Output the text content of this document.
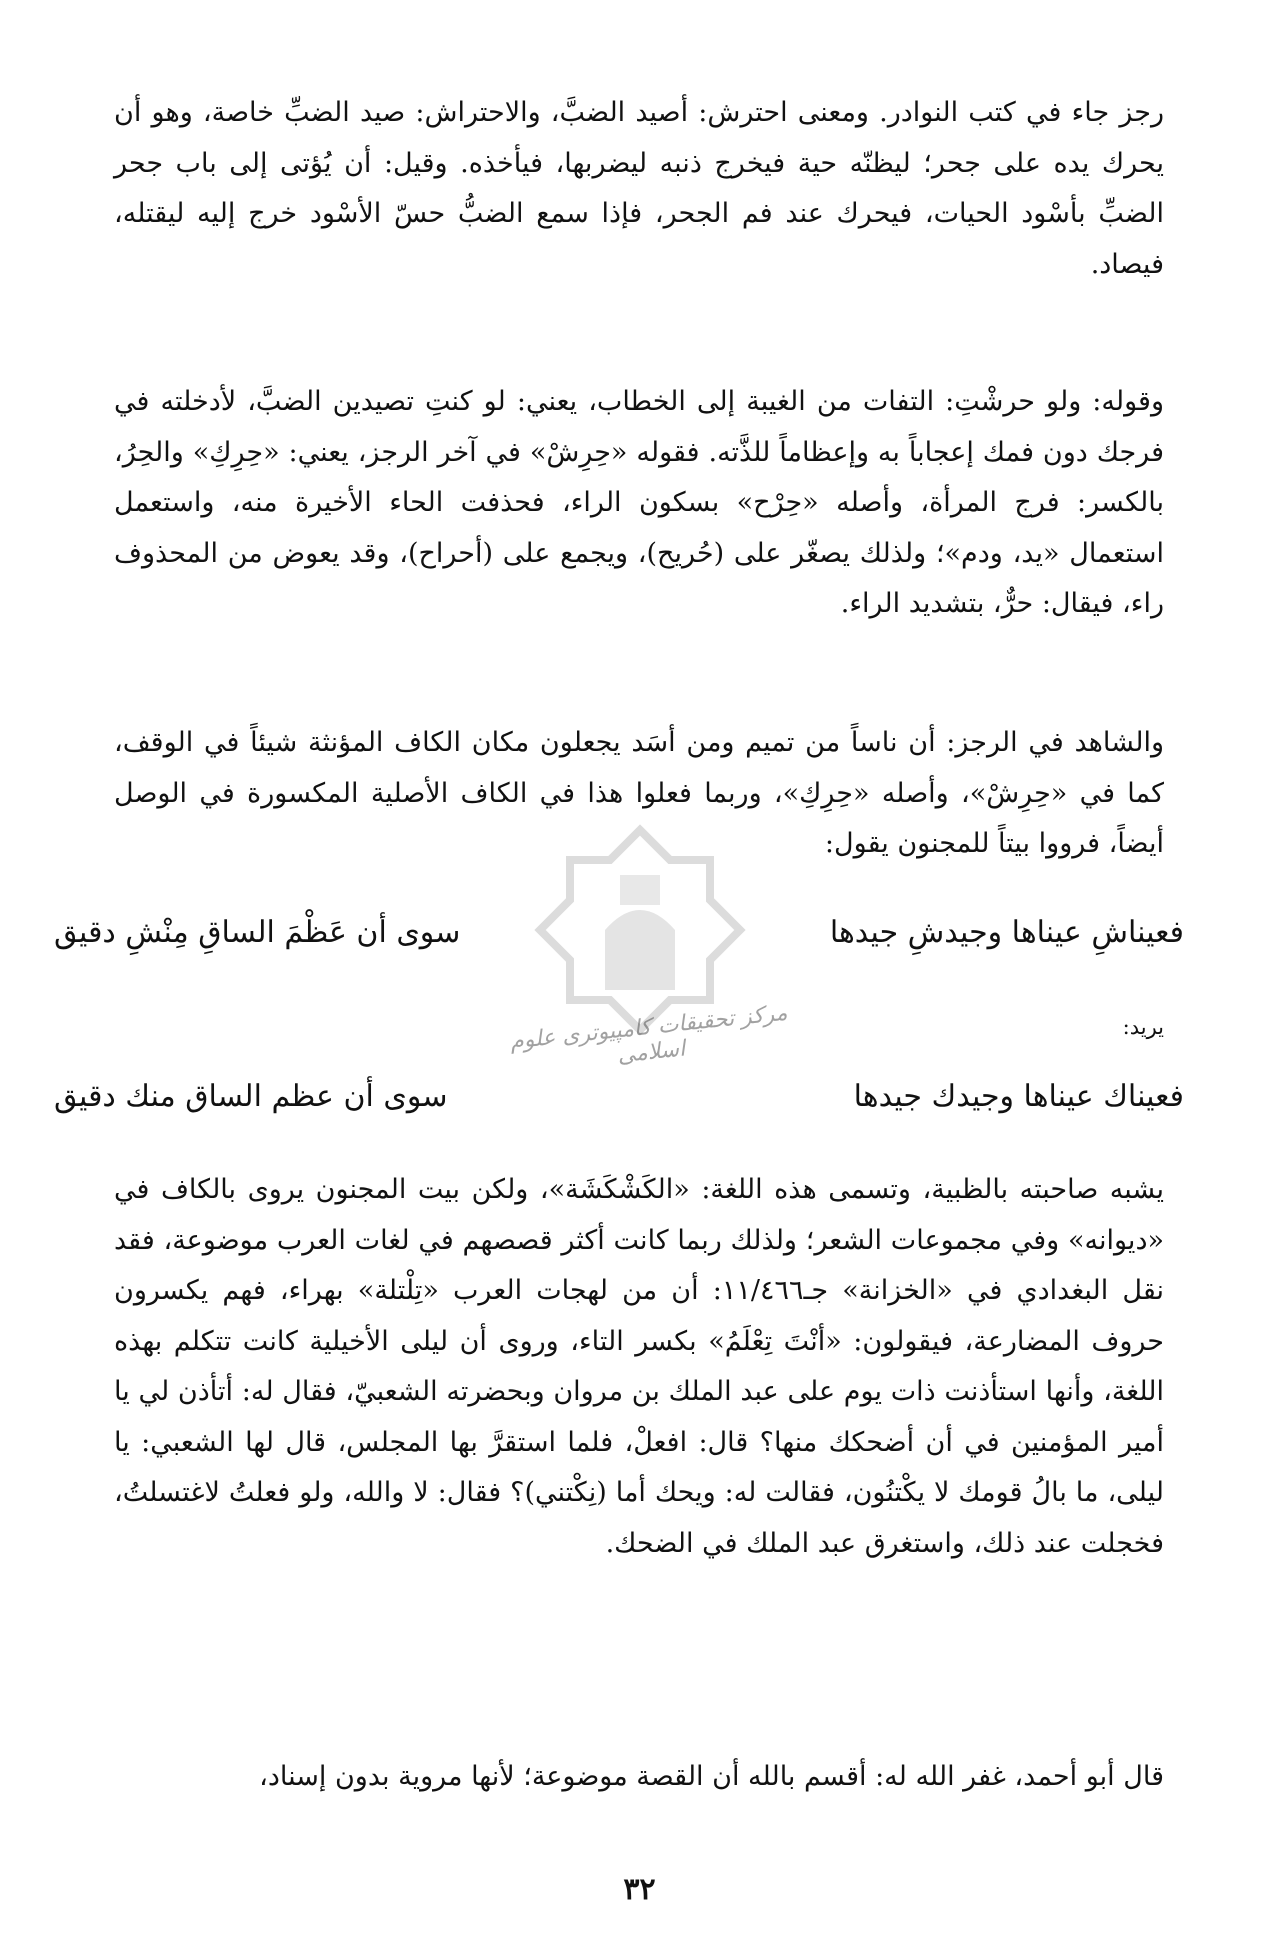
رجز جاء في كتب النوادر. ومعنى احترش: أصيد الضبَّ، والاحتراش: صيد الضبِّ خاصة، وهو أن يحرك يده على جحر؛ ليظنّه حية فيخرج ذنبه ليضربها، فيأخذه. وقيل: أن يُؤتى إلى باب جحر الضبِّ بأسْود الحيات، فيحرك عند فم الجحر، فإذا سمع الضبُّ حسّ الأسْود خرج إليه ليقتله، فيصاد.

وقوله: ولو حرشْتِ: التفات من الغيبة إلى الخطاب، يعني: لو كنتِ تصيدين الضبَّ، لأدخلته في فرجك دون فمك إعجاباً به وإعظاماً للذَّته. فقوله «حِرِشْ» في آخر الرجز، يعني: «حِرِكِ» والحِرُ، بالكسر: فرج المرأة، وأصله «حِرْح» بسكون الراء، فحذفت الحاء الأخيرة منه، واستعمل استعمال «يد، ودم»؛ ولذلك يصغّر على (حُريح)، ويجمع على (أحراح)، وقد يعوض من المحذوف راء، فيقال: حرٌّ، بتشديد الراء.

والشاهد في الرجز: أن ناساً من تميم ومن أسَد يجعلون مكان الكاف المؤنثة شيئاً في الوقف، كما في «حِرِشْ»، وأصله «حِرِكِ»، وربما فعلوا هذا في الكاف الأصلية المكسورة في الوصل أيضاً، فرووا بيتاً للمجنون يقول:

فعيناشِ عيناها وجيدشِ جيدها
سوى أن عَظْمَ الساقِ مِنْشِ دقيق
يريد:
فعيناك عيناها وجيدك جيدها
سوى أن عظم الساق منك دقيق

يشبه صاحبته بالظبية، وتسمى هذه اللغة: «الكَشْكَشَة»، ولكن بيت المجنون يروى بالكاف في «ديوانه» وفي مجموعات الشعر؛ ولذلك ربما كانت أكثر قصصهم في لغات العرب موضوعة، فقد نقل البغدادي في «الخزانة» جـ١١/٤٦٦: أن من لهجات العرب «تِلْتلة» بهراء، فهم يكسرون حروف المضارعة، فيقولون: «أنْتَ تِعْلَمُ» بكسر التاء، وروى أن ليلى الأخيلية كانت تتكلم بهذه اللغة، وأنها استأذنت ذات يوم على عبد الملك بن مروان وبحضرته الشعبيّ، فقال له: أتأذن لي يا أمير المؤمنين في أن أضحكك منها؟ قال: افعلْ، فلما استقرَّ بها المجلس، قال لها الشعبي: يا ليلى، ما بالُ قومك لا يكْتنُون، فقالت له: ويحك أما (نِكْتني)؟ فقال: لا والله، ولو فعلتُ لاغتسلتُ، فخجلت عند ذلك، واستغرق عبد الملك في الضحك.

قال أبو أحمد، غفر الله له: أقسم بالله أن القصة موضوعة؛ لأنها مروية بدون إسناد،

مرکز تحقیقات کامپیوتری علوم اسلامی
٣٢
